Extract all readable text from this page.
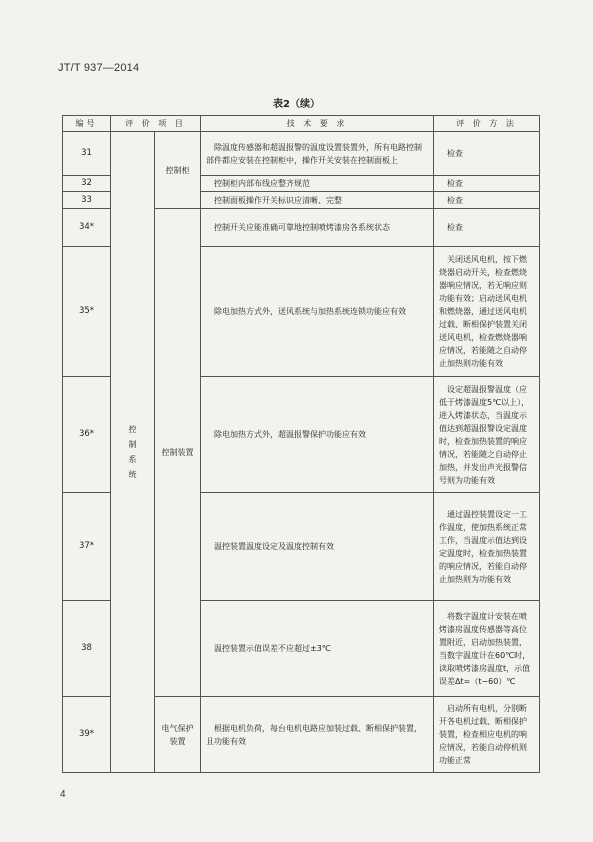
JT/T 937—2014
表2（续）
编号	评 价 项 目		技 术 要 求	评 价 方 法
31	控制系统	控制柜	除温度传感器和超温报警的温度设置装置外，所有电路控制部件都应安装在控制柜中，操作开关安装在控制面板上	检查
32			控制柜内部布线应整齐规范	检查
33			控制面板操作开关标识应清晰、完整	检查
34*		控制装置	控制开关应能准确可靠地控制喷烤漆房各系统状态	检查
35*			除电加热方式外，送风系统与加热系统连锁功能应有效	关闭送风电机，按下燃烧器启动开关，检查燃烧器响应情况，若无响应则功能有效；启动送风电机和燃烧器，通过送风电机过载、断相保护装置关闭送风电机，检查燃烧器响应情况，若能随之自动停止加热则功能有效
36*			除电加热方式外，超温报警保护功能应有效	设定超温报警温度（应低于烤漆温度5℃以上），进入烤漆状态，当温度示值达到超温报警设定温度时，检查加热装置的响应情况，若能随之自动停止加热，并发出声光报警信号则为功能有效
37*			温控装置温度设定及温度控制有效	通过温控装置设定一工作温度，使加热系统正常工作，当温度示值达到设定温度时，检查加热装置的响应情况，若能自动停止加热则为功能有效
38			温控装置示值误差不应超过±3℃	将数字温度计安装在喷烤漆房温度传感器等高位置附近，启动加热装置，当数字温度计在60℃时，读取喷烤漆房温度t，示值误差Δt=（t−60）℃
39*		电气保护装置	根据电机负荷，每台电机电路应加装过载、断相保护装置，且功能有效	启动所有电机，分别断开各电机过载、断相保护装置，检查相应电机的响应情况，若能自动停机则功能正常
4
